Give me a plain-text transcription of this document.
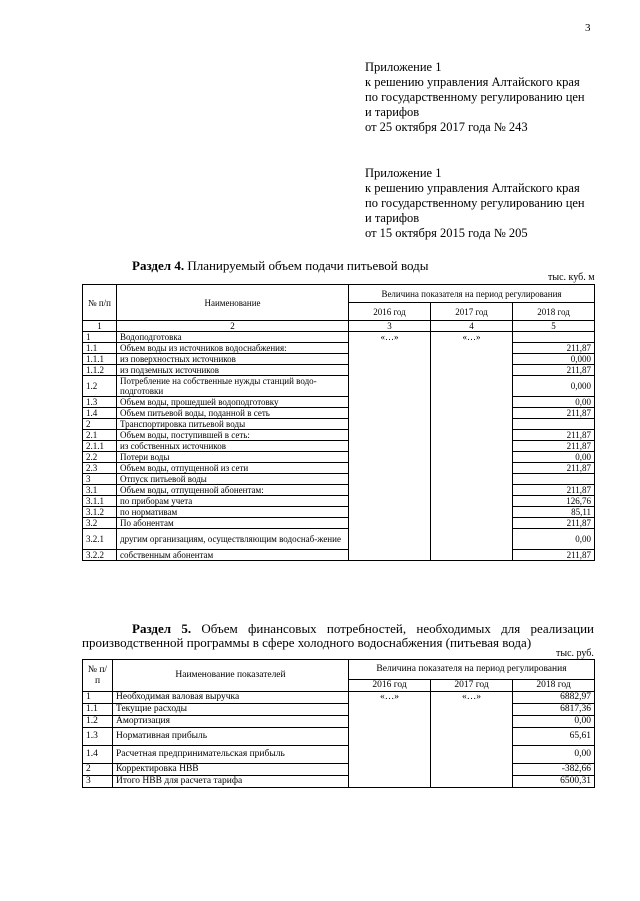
3
Приложение 1
к решению управления Алтайского края
по государственному регулированию цен
и тарифов
от 25 октября 2017 года № 243
Приложение 1
к решению управления Алтайского края
по государственному регулированию цен
и тарифов
от 15 октября 2015 года № 205
Раздел 4. Планируемый объем подачи питьевой воды
тыс. куб. м
№ п/п	Наименование	Величина показателя на период регулирования		
		2016 год	2017 год	2018 год
1	2	3	4	5
1	Водоподготовка	«…»	«…»	
1.1	Объем воды из источников водоснабжения:			211,87
1.1.1	из поверхностных источников			0,000
1.1.2	из подземных источников			211,87
1.2	Потребление на собственные нужды станций водо-подготовки			0,000
1.3	Объем воды, прошедшей водоподготовку			0,00
1.4	Объем питьевой воды, поданной в сеть			211,87
2	Транспортировка питьевой воды			
2.1	Объем воды, поступившей в сеть:			211,87
2.1.1	из собственных источников			211,87
2.2	Потери воды			0,00
2.3	Объем воды, отпущенной из сети			211,87
3	Отпуск питьевой воды			
3.1	Объем воды, отпущенной абонентам:			211,87
3.1.1	по приборам учета			126,76
3.1.2	по нормативам			85,11
3.2	По абонентам			211,87
3.2.1	другим организациям, осуществляющим водоснаб-жение			0,00
3.2.2	собственным абонентам			211,87
Раздел 5. Объем финансовых потребностей, необходимых для реализации производственной программы в сфере холодного водоснабжения (питьевая вода)
тыс. руб.
№ п/п	Наименование показателей	Величина показателя на период регулирования		
		2016 год	2017 год	2018 год
1	Необходимая валовая выручка	«…»	«…»	6882,97
1.1	Текущие расходы			6817,36
1.2	Амортизация			0,00
1.3	Нормативная прибыль			65,61
1.4	Расчетная предпринимательская прибыль			0,00
2	Корректировка НВВ			-382,66
3	Итого НВВ для расчета тарифа			6500,31
